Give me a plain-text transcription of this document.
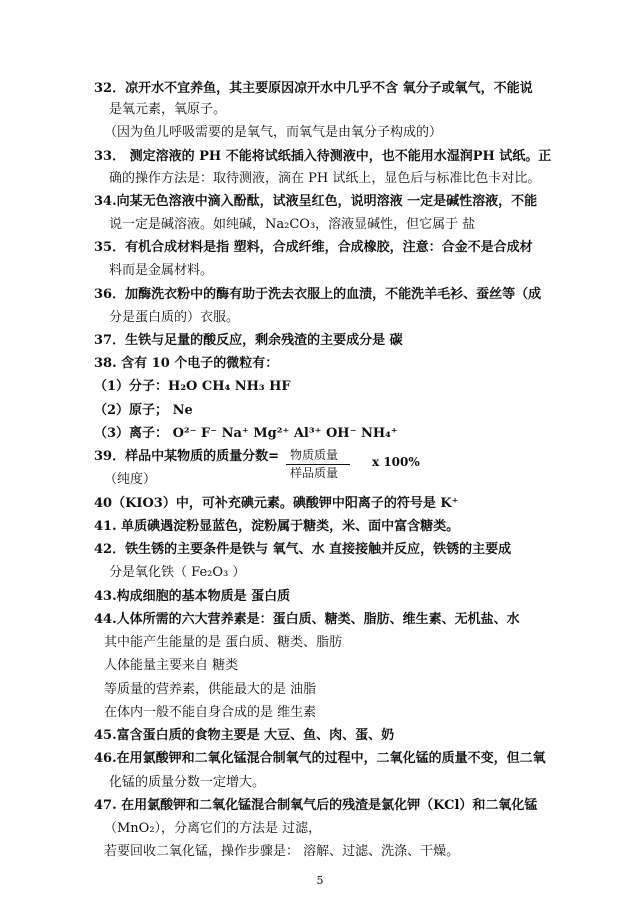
32．凉开水不宜养鱼，其主要原因凉开水中几乎不含 氧分子或氧气，不能说
是氧元素，氧原子。
（因为鱼儿呼吸需要的是氧气，而氧气是由氧分子构成的）
33． 测定溶液的 PH 不能将试纸插入待测液中，也不能用水湿润PH 试纸。正
确的操作方法是：取待测液，滴在 PH 试纸上，显色后与标准比色卡对比。
34.向某无色溶液中滴入酚酞，试液呈红色，说明溶液 一定是碱性溶液，不能
说一定是碱溶液。如纯碱，Na₂CO₃，溶液显碱性，但它属于 盐
35．有机合成材料是指 塑料，合成纤维，合成橡胶，注意：合金不是合成材
料而是金属材料。
36．加酶洗衣粉中的酶有助于洗去衣服上的血渍，不能洗羊毛衫、蚕丝等（成
分是蛋白质的）衣服。
37．生铁与足量的酸反应，剩余残渣的主要成分是 碳
38. 含有 10 个电子的微粒有：
（1）分子：H₂O CH₄ NH₃ HF
（2）原子； Ne
（3）离子： O²⁻ F⁻ Na⁺ Mg²⁺ Al³⁺ OH⁻ NH₄⁺
39．样品中某物质的质量分数= 物质质量
样品质量
x 100%
（纯度）
40（KIO3）中，可补充碘元素。碘酸钾中阳离子的符号是 K⁺
41. 单质碘遇淀粉显蓝色，淀粉属于糖类，米、面中富含糖类。
42．铁生锈的主要条件是铁与 氧气、水 直接接触并反应，铁锈的主要成
分是氧化铁（ Fe₂O₃ ）
43.构成细胞的基本物质是 蛋白质
44.人体所需的六大营养素是：蛋白质、糖类、脂肪、维生素、无机盐、水
其中能产生能量的是 蛋白质、糖类、脂肪
人体能量主要来自 糖类
等质量的营养素，供能最大的是 油脂
在体内一般不能自身合成的是 维生素
45.富含蛋白质的食物主要是 大豆、鱼、肉、蛋、奶
46.在用氯酸钾和二氧化锰混合制氧气的过程中，二氧化锰的质量不变，但二氧
化锰的质量分数一定增大。
47. 在用氯酸钾和二氧化锰混合制氧气后的残渣是氯化钾（KCl）和二氧化锰
（MnO₂），分离它们的方法是 过滤，
若要回收二氧化锰，操作步骤是： 溶解、过滤、洗涤、干燥。
5
